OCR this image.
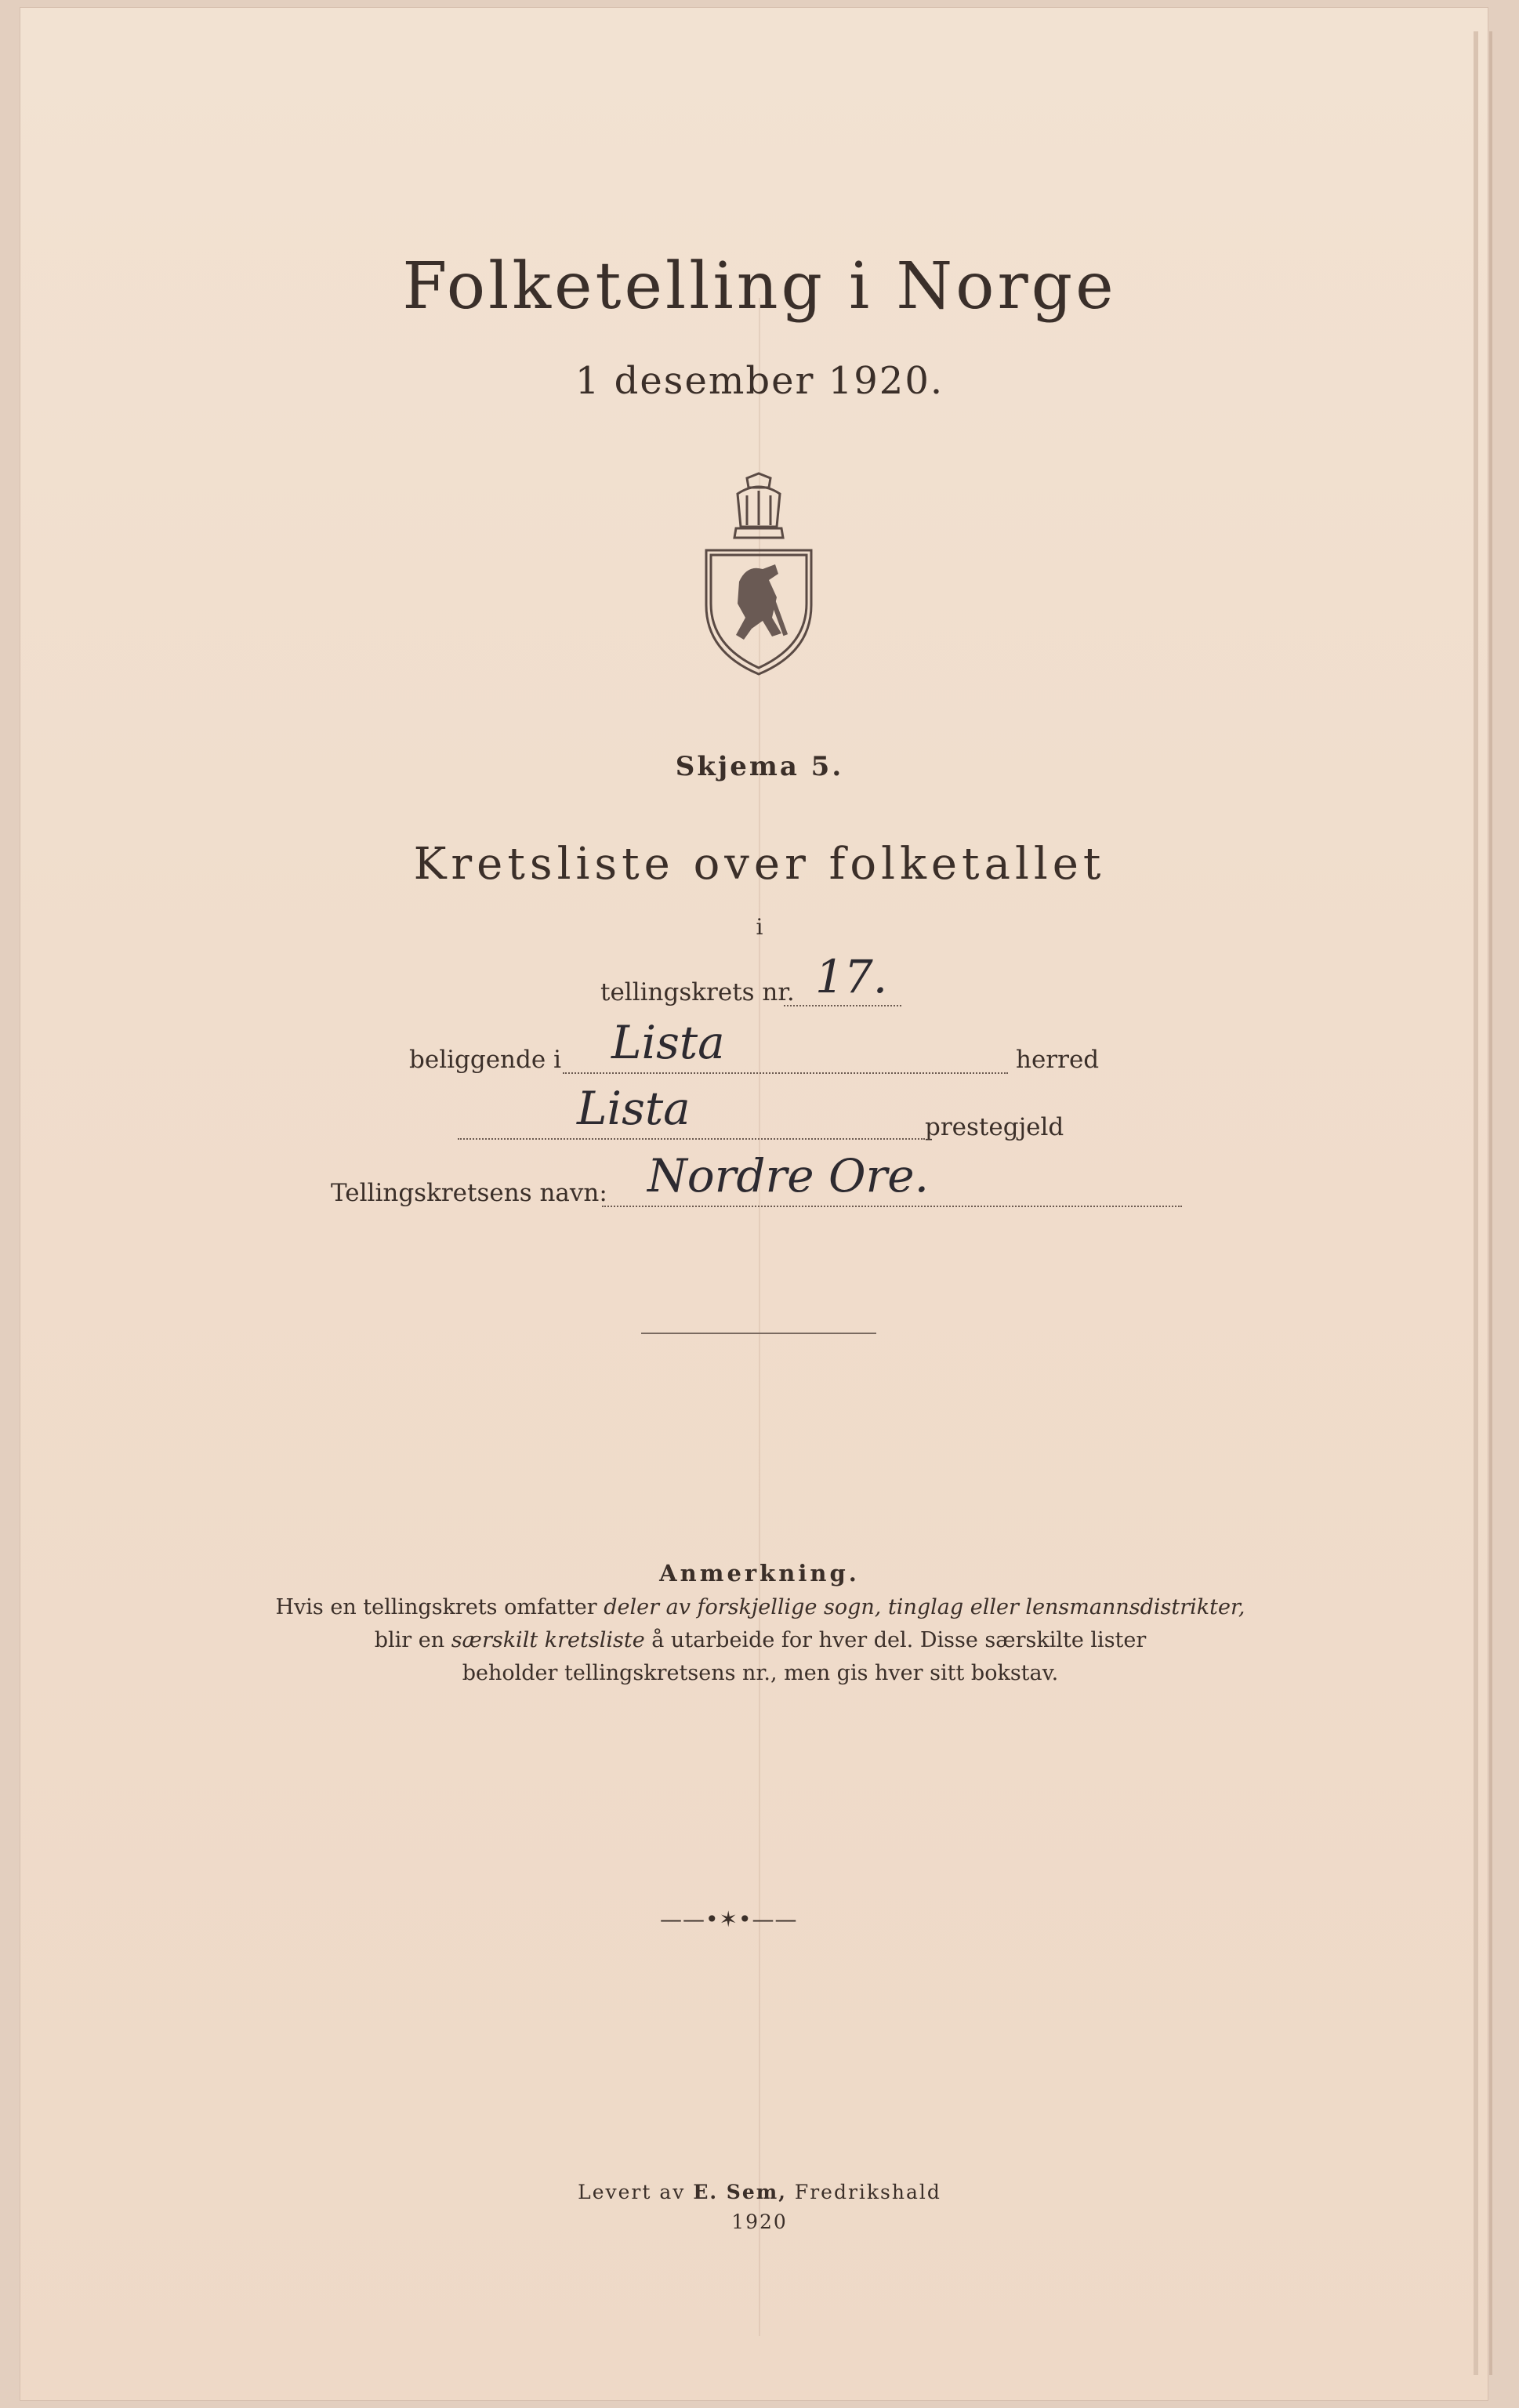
Folketelling i Norge
1 desember 1920.
Skjema 5.
Kretsliste over folketallet
i
tellingskrets nr. 17.
beliggende i Lista	herred
Lista	prestegjeld
Tellingskretsens navn: Nordre Ore.
Anmerkning.
Hvis en tellingskrets omfatter deler av forskjellige sogn, tinglag eller lensmannsdistrikter,
blir en særskilt kretsliste å utarbeide for hver del. Disse særskilte lister
beholder tellingskretsens nr., men gis hver sitt bokstav.
——•✶•——
Levert av E. Sem, Fredrikshald
1920
